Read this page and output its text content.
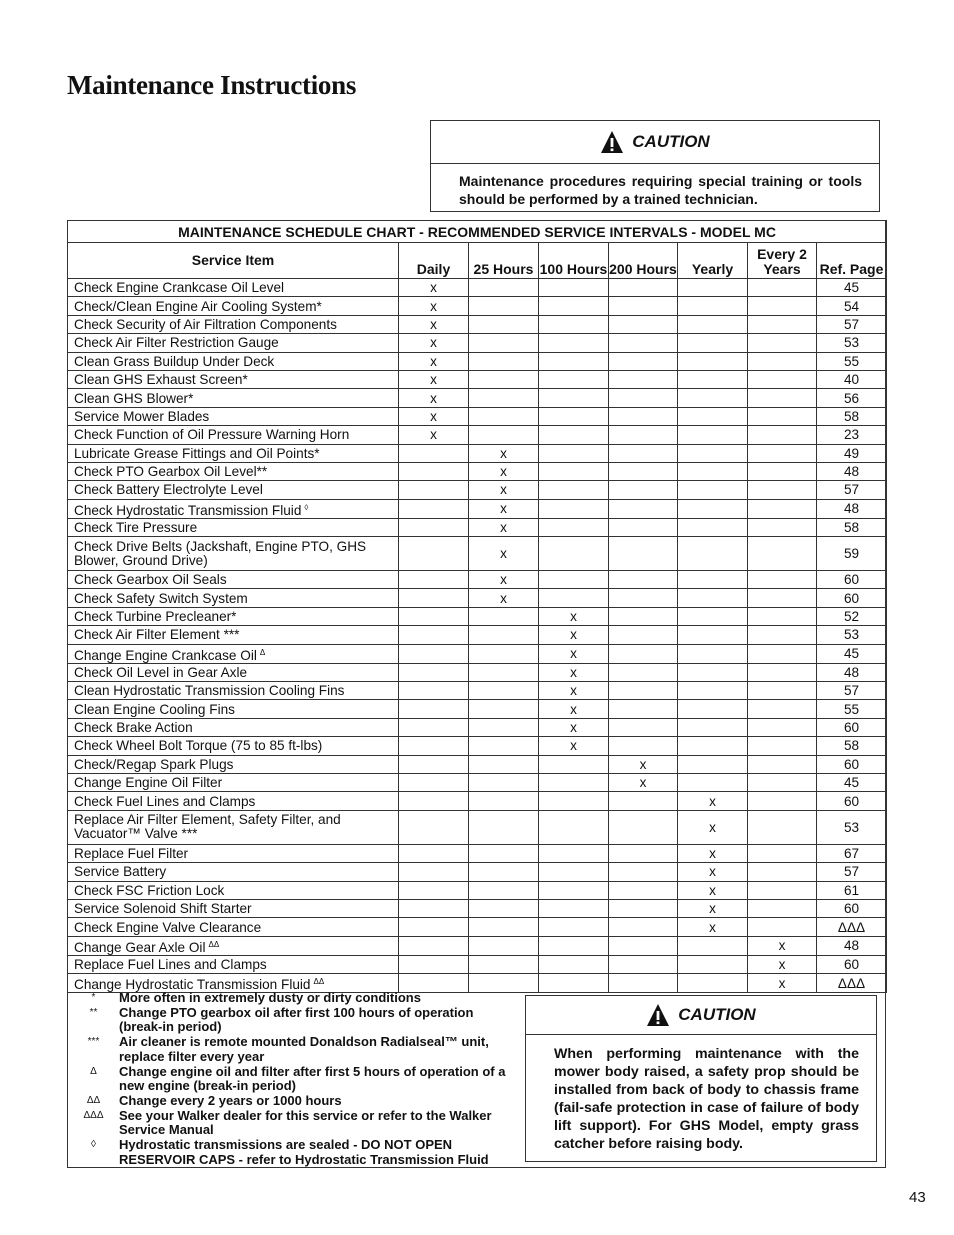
Maintenance Instructions
CAUTION
Maintenance procedures requiring special training or tools should be performed by a trained technician.
MAINTENANCE SCHEDULE CHART - RECOMMENDED SERVICE INTERVALS - MODEL MC							
Service Item	Daily	25 Hours	100 Hours	200 Hours	Yearly	Every 2 Years	Ref. Page
Check Engine Crankcase Oil Level	x						45
Check/Clean Engine Air Cooling System*	x						54
Check Security of Air Filtration Components	x						57
Check Air Filter Restriction Gauge	x						53
Clean Grass Buildup Under Deck	x						55
Clean GHS Exhaust Screen*	x						40
Clean GHS Blower*	x						56
Service Mower Blades	x						58
Check Function of Oil Pressure Warning Horn	x						23
Lubricate Grease Fittings and Oil Points*		x					49
Check PTO Gearbox Oil Level**		x					48
Check Battery Electrolyte Level		x					57
Check Hydrostatic Transmission Fluid ◊		x					48
Check Tire Pressure		x					58
Check Drive Belts (Jackshaft, Engine PTO, GHS Blower, Ground Drive)		x					59
Check Gearbox Oil Seals		x					60
Check Safety Switch System		x					60
Check Turbine Precleaner*			x				52
Check Air Filter Element ***			x				53
Change Engine Crankcase Oil $^\Delta$			x				45
Check Oil Level in Gear Axle			x				48
Clean Hydrostatic Transmission Cooling Fins			x				57
Clean Engine Cooling Fins			x				55
Check Brake Action			x				60
Check Wheel Bolt Torque (75 to 85 ft-lbs)			x				58
Check/Regap Spark Plugs				x			60
Change Engine Oil Filter				x			45
Check Fuel Lines and Clamps					x		60
Replace Air Filter Element, Safety Filter, and Vacuator™ Valve ***					x		53
Replace Fuel Filter					x		67
Service Battery					x		57
Check FSC Friction Lock					x		61
Service Solenoid Shift Starter					x		60
Check Engine Valve Clearance					x		ΔΔΔ
Change Gear Axle Oil $^{\Delta\Delta}$						x	48
Replace Fuel Lines and Clamps						x	60
Change Hydrostatic Transmission Fluid $^{\Delta\Delta}$						x	ΔΔΔ
*	More often in extremely dusty or dirty conditions
**	Change PTO gearbox oil after first 100 hours of operation (break-in period)
***	Air cleaner is remote mounted Donaldson Radialseal™ unit, replace filter every year
Δ	Change engine oil and filter after first 5 hours of operation of a new engine (break-in period)
ΔΔ	Change every 2 years or 1000 hours
ΔΔΔ	See your Walker dealer for this service or refer to the Walker Service Manual
◊	Hydrostatic transmissions are sealed - DO NOT OPEN RESERVOIR CAPS - refer to Hydrostatic Transmission Fluid
CAUTION
When performing maintenance with the mower body raised, a safety prop should be installed from back of body to chassis frame (fail-safe protection in case of failure of body lift support). For GHS Model, empty grass catcher before raising body.
43
